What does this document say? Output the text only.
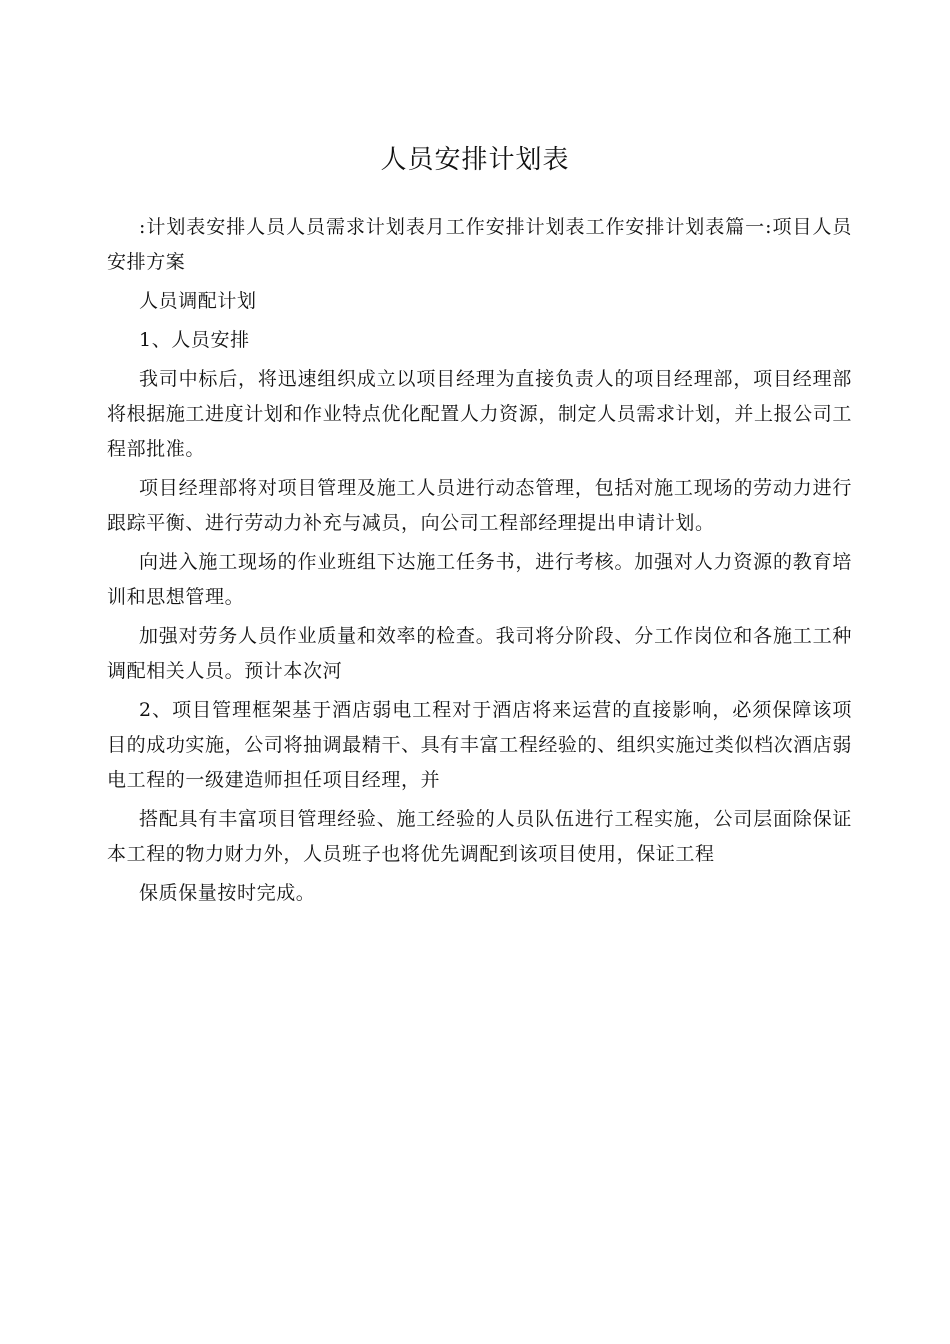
人员安排计划表

:计划表安排人员人员需求计划表月工作安排计划表工作安排计划表篇一:项目人员安排方案

人员调配计划

1、人员安排

我司中标后，将迅速组织成立以项目经理为直接负责人的项目经理部，项目经理部将根据施工进度计划和作业特点优化配置人力资源，制定人员需求计划，并上报公司工程部批准。

项目经理部将对项目管理及施工人员进行动态管理，包括对施工现场的劳动力进行跟踪平衡、进行劳动力补充与减员，向公司工程部经理提出申请计划。

向进入施工现场的作业班组下达施工任务书，进行考核。加强对人力资源的教育培训和思想管理。

加强对劳务人员作业质量和效率的检查。我司将分阶段、分工作岗位和各施工工种调配相关人员。预计本次河

2、项目管理框架基于酒店弱电工程对于酒店将来运营的直接影响，必须保障该项目的成功实施，公司将抽调最精干、具有丰富工程经验的、组织实施过类似档次酒店弱电工程的一级建造师担任项目经理，并

搭配具有丰富项目管理经验、施工经验的人员队伍进行工程实施，公司层面除保证本工程的物力财力外，人员班子也将优先调配到该项目使用，保证工程

保质保量按时完成。
